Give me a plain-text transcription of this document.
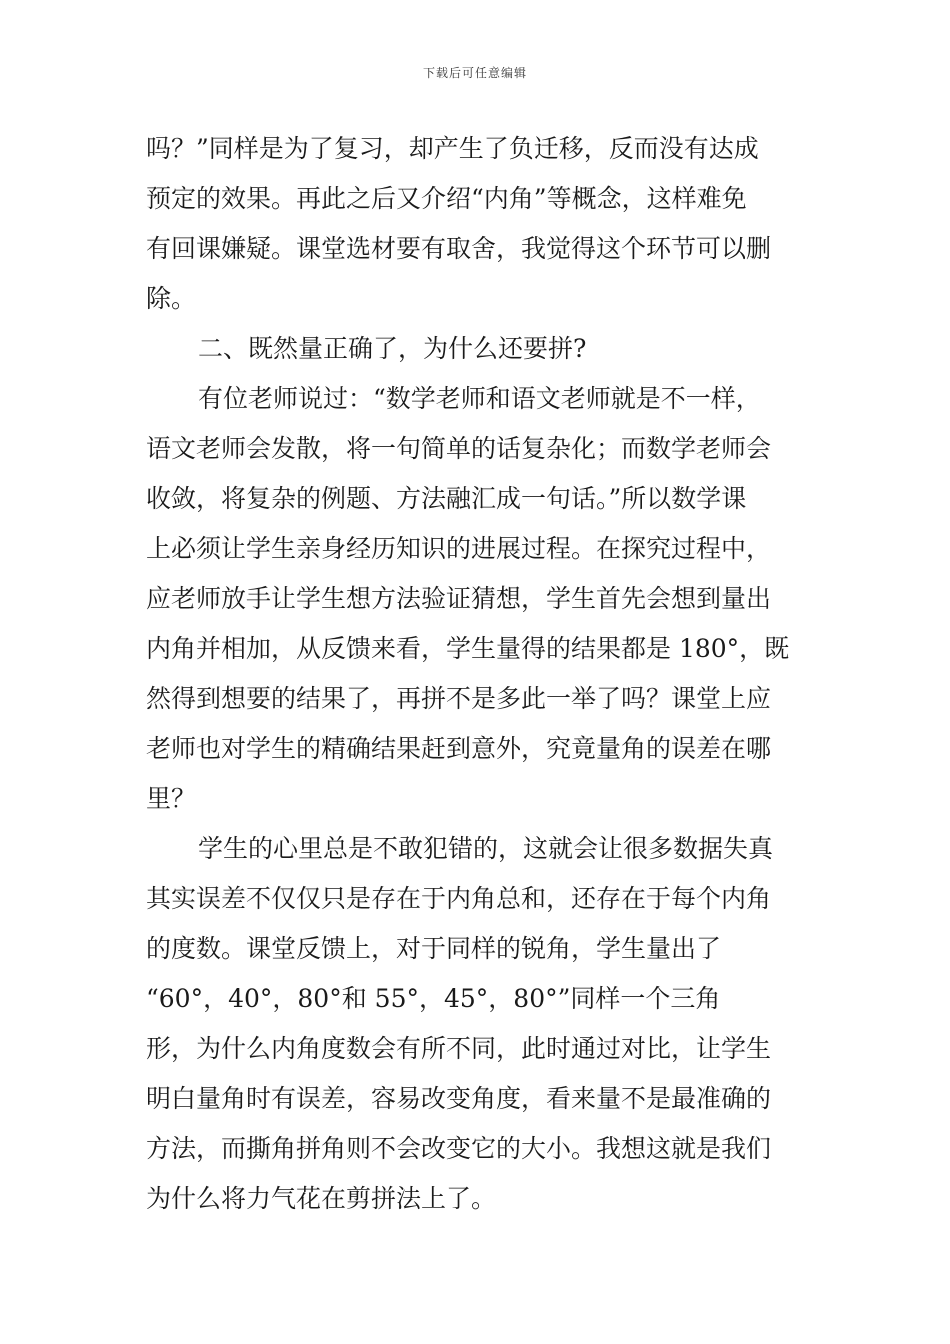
下载后可任意编辑
吗？”同样是为了复习，却产生了负迁移，反而没有达成
预定的效果。再此之后又介绍“内角”等概念，这样难免
有回课嫌疑。课堂选材要有取舍，我觉得这个环节可以删
除。
二、既然量正确了，为什么还要拼?
有位老师说过：“数学老师和语文老师就是不一样，
语文老师会发散，将一句简单的话复杂化；而数学老师会
收敛，将复杂的例题、方法融汇成一句话。”所以数学课
上必须让学生亲身经历知识的进展过程。在探究过程中，
应老师放手让学生想方法验证猜想，学生首先会想到量出
内角并相加，从反馈来看，学生量得的结果都是 180°，既
然得到想要的结果了，再拼不是多此一举了吗？课堂上应
老师也对学生的精确结果赶到意外，究竟量角的误差在哪
里？
学生的心里总是不敢犯错的，这就会让很多数据失真
其实误差不仅仅只是存在于内角总和，还存在于每个内角
的度数。课堂反馈上，对于同样的锐角，学生量出了
“60°，40°，80°和 55°，45°，80°”同样一个三角
形，为什么内角度数会有所不同，此时通过对比，让学生
明白量角时有误差，容易改变角度，看来量不是最准确的
方法，而撕角拼角则不会改变它的大小。我想这就是我们
为什么将力气花在剪拼法上了。
